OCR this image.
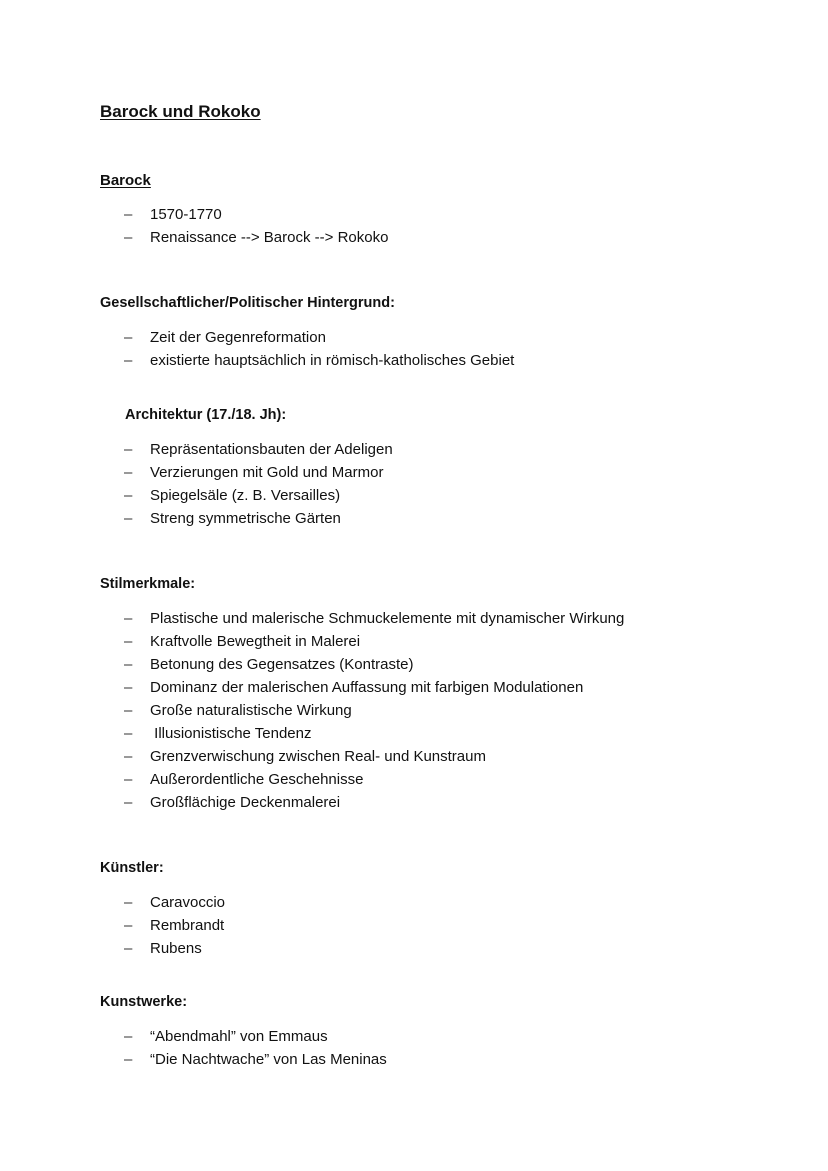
Barock und Rokoko
Barock
– 1570-1770
– Renaissance --> Barock --> Rokoko
Gesellschaftlicher/Politischer Hintergrund:
– Zeit der Gegenreformation
– existierte hauptsächlich in römisch-katholisches Gebiet
Architektur (17./18. Jh):
– Repräsentationsbauten der Adeligen
– Verzierungen mit Gold und Marmor
– Spiegelsäle (z. B. Versailles)
– Streng symmetrische Gärten
Stilmerkmale:
– Plastische und malerische Schmuckelemente mit dynamischer Wirkung
– Kraftvolle Bewegtheit in Malerei
– Betonung des Gegensatzes (Kontraste)
– Dominanz der malerischen Auffassung mit farbigen Modulationen
– Große naturalistische Wirkung
– Illusionistische Tendenz
– Grenzverwischung zwischen Real- und Kunstraum
– Außerordentliche Geschehnisse
– Großflächige Deckenmalerei
Künstler:
– Caravoccio
– Rembrandt
– Rubens
Kunstwerke:
– “Abendmahl” von Emmaus
– “Die Nachtwache” von Las Meninas
